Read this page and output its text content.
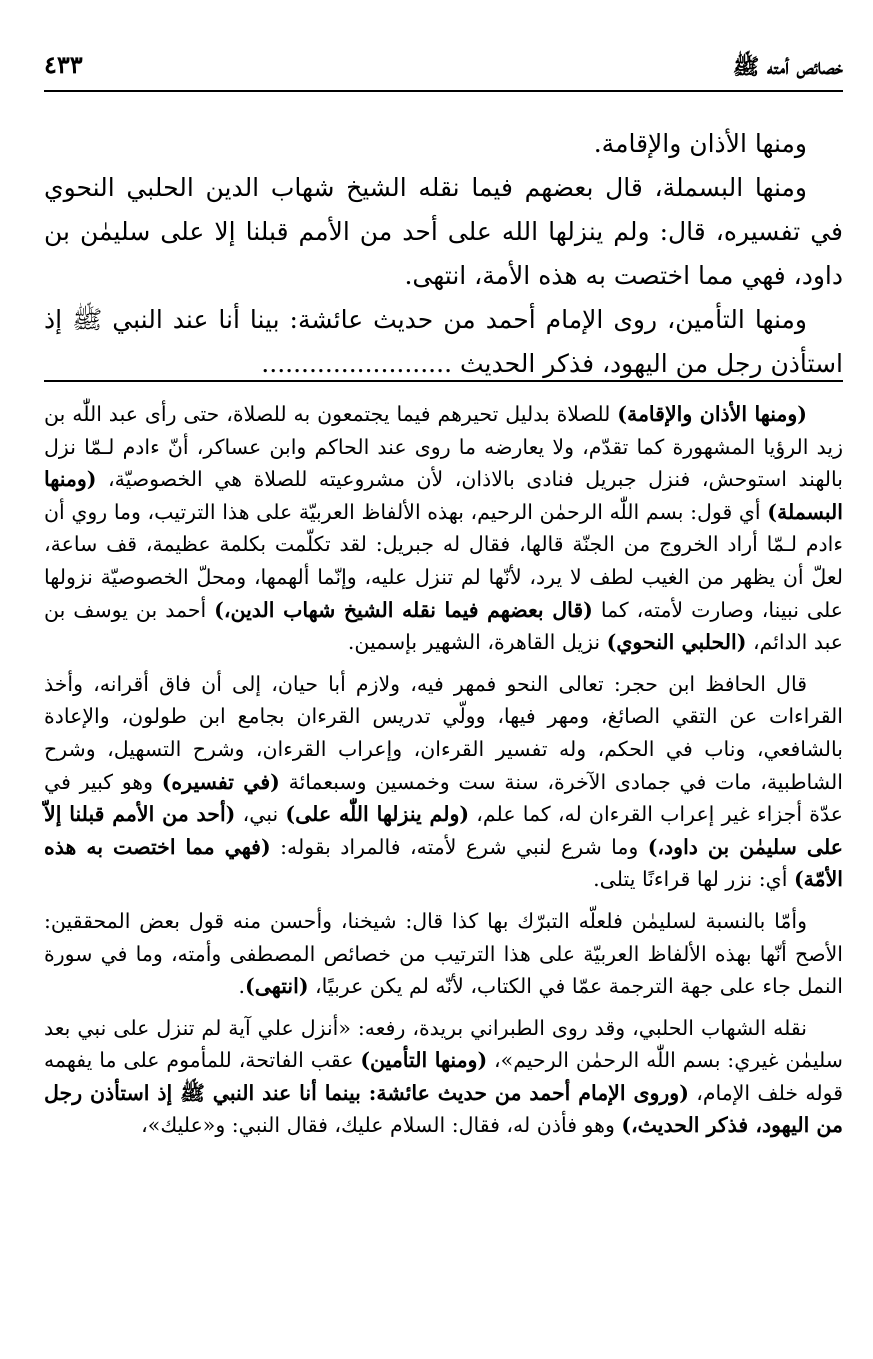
خصائص أمته ﷺ
٤٣٣

ومنها الأذان والإقامة.

ومنها البسملة، قال بعضهم فيما نقله الشيخ شهاب الدين الحلبي النحوي في تفسيره، قال: ولم ينزلها الله على أحد من الأمم قبلنا إلا على سليمٰن بن داود، فهي مما اختصت به هذه الأمة، انتهى.

ومنها التأمين، روى الإمام أحمد من حديث عائشة: بينا أنا عند النبي ﷺ إذ استأذن رجل من اليهود، فذكر الحديث ........................

(ومنها الأذان والإقامة) للصلاة بدليل تحيرهم فيما يجتمعون به للصلاة، حتى رأى عبد اللّٰه بن زيد الرؤيا المشهورة كما تقدّم، ولا يعارضه ما روى عند الحاكم وابن عساكر، أنّ ءادم لـمّا نزل بالهند استوحش، فنزل جبريل فنادى بالاذان، لأن مشروعيته للصلاة هي الخصوصيّة، (ومنها البسملة) أي قول: بسم اللّٰه الرحمٰن الرحيم، بهذه الألفاظ العربيّة على هذا الترتيب، وما روي أن ءادم لـمّا أراد الخروج من الجنّة قالها، فقال له جبريل: لقد تكلّمت بكلمة عظيمة، قف ساعة، لعلّ أن يظهر من الغيب لطف لا يرد، لأنّها لم تنزل عليه، وإنّما ألهمها، ومحلّ الخصوصيّة نزولها على نبينا، وصارت لأمته، كما (قال بعضهم فيما نقله الشيخ شهاب الدين،) أحمد بن يوسف بن عبد الدائم، (الحلبي النحوي) نزيل القاهرة، الشهير بإسمين.

قال الحافظ ابن حجر: تعالى النحو فمهر فيه، ولازم أبا حيان، إلى أن فاق أقرانه، وأخذ القراءات عن التقي الصائغ، ومهر فيها، وولّي تدريس القرءان بجامع ابن طولون، والإعادة بالشافعي، وناب في الحكم، وله تفسير القرءان، وإعراب القرءان، وشرح التسهيل، وشرح الشاطبية، مات في جمادى الآخرة، سنة ست وخمسين وسبعمائة (في تفسيره) وهو كبير في عدّة أجزاء غير إعراب القرءان له، كما علم، (ولم ينزلها اللّٰه على) نبي، (أحد من الأمم قبلنا إلاّ على سليمٰن بن داود،) وما شرع لنبي شرع لأمته، فالمراد بقوله: (فهي مما اختصت به هذه الأمّة) أي: نزر لها قراءنًا يتلى.

وأمّا بالنسبة لسليمٰن فلعلّه التبرّك بها كذا قال: شيخنا، وأحسن منه قول بعض المحققين: الأصح أنّها بهذه الألفاظ العربيّة على هذا الترتيب من خصائص المصطفى وأمته، وما في سورة النمل جاء على جهة الترجمة عمّا في الكتاب، لأنّه لم يكن عربيًا، (انتهى).

نقله الشهاب الحلبي، وقد روى الطبراني بريدة، رفعه: «أنزل علي آية لم تنزل على نبي بعد سليمٰن غيري: بسم اللّٰه الرحمٰن الرحيم»، (ومنها التأمين) عقب الفاتحة، للمأموم على ما يفهمه قوله خلف الإمام، (وروى الإمام أحمد من حديث عائشة: بينما أنا عند النبي ﷺ إذ استأذن رجل من اليهود، فذكر الحديث،) وهو فأذن له، فقال: السلام عليك، فقال النبي: و«عليك»،
